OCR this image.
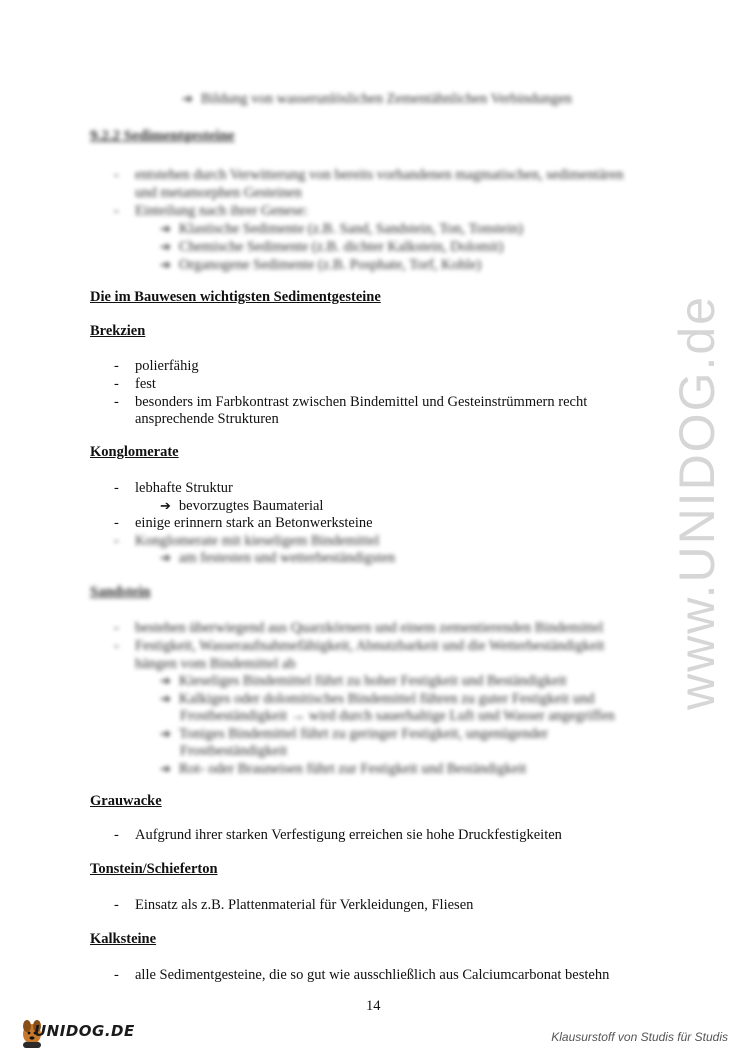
www.UNIDOG.de
➔ Bildung von wasserunlöslichen Zementähnlichen Verbindungen
9.2.2 Sedimentgesteine
- entstehen durch Verwitterung von bereits vorhandenen magmatischen, sedimentären
und metamorphen Gesteinen
- Einteilung nach ihrer Genese:
➔ Klastische Sedimente (z.B. Sand, Sandstein, Ton, Tonstein)
➔ Chemische Sedimente (z.B. dichter Kalkstein, Dolomit)
➔ Organogene Sedimente (z.B. Posphate, Torf, Kohle)
Die im Bauwesen wichtigsten Sedimentgesteine
Brekzien
- polierfähig
- fest
- besonders im Farbkontrast zwischen Bindemittel und Gesteinstrümmern recht
ansprechende Strukturen
Konglomerate
- lebhafte Struktur
➔ bevorzugtes Baumaterial
- einige erinnern stark an Betonwerksteine
- Konglomerate mit kieseligem Bindemittel
➔ am festesten und wetterbeständigsten
Sandstein
- bestehen überwiegend aus Quarzkörnern und einem zementierenden Bindemittel
- Festigkeit, Wasseraufnahmefähigkeit, Abnutzbarkeit und die Wetterbeständigkeit
hängen vom Bindemittel ab
➔ Kieseliges Bindemittel führt zu hoher Festigkeit und Beständigkeit
➔ Kalkiges oder dolomitisches Bindemittel führen zu guter Festigkeit und
Frostbeständigkeit → wird durch sauerhaltige Luft und Wasser angegriffen
➔ Toniges Bindemittel führt zu geringer Festigkeit, ungenügender
Frostbeständigkeit
➔ Rot- oder Brauneisen führt zur Festigkeit und Beständigkeit
Grauwacke
- Aufgrund ihrer starken Verfestigung erreichen sie hohe Druckfestigkeiten
Tonstein/Schieferton
- Einsatz als z.B. Plattenmaterial für Verkleidungen, Fliesen
Kalksteine
- alle Sedimentgesteine, die so gut wie ausschließlich aus Calciumcarbonat bestehn
14
UNIDOG.DE	Klausurstoff von Studis für Studis
